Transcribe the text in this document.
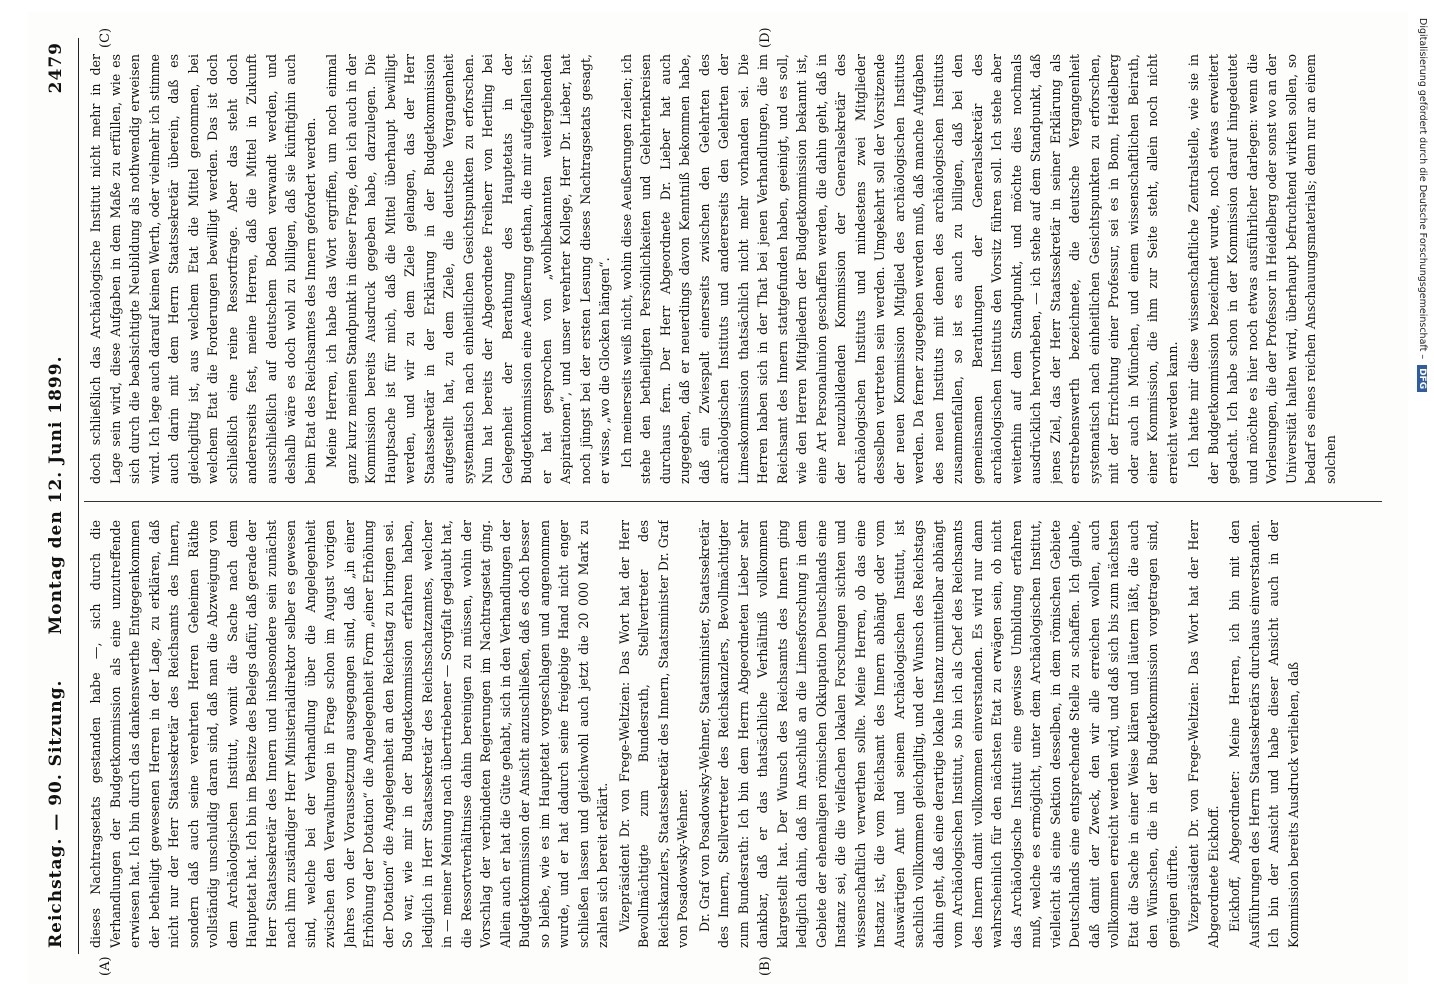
Reichstag. — 90. Sitzung.
Montag den 12. Juni 1899.
2479

dieses Nachtragsetats gestanden habe —, sich durch die Verhandlungen der Budgetkommission als eine unzutreffende erwiesen hat. Ich bin durch das dankenswerthe Entgegenkommen der betheiligt gewesenen Herren in der Lage, zu erklären, daß nicht nur der Herr Staatssekretär des Reichsamts des Innern, sondern daß auch seine verehrten Herren Geheimen Räthe vollständig unschuldig daran sind, daß man die Abzweigung von dem Archäologischen Institut, womit die Sache nach dem Hauptetat hat. Ich bin im Besitze des Belegs dafür, daß gerade der Herr Staatssekretär des Innern und insbesondere sein zunächst nach ihm zuständiger Herr Ministerialdirektor selber es gewesen sind, welche bei der Verhandlung über die Angelegenheit zwischen den Verwaltungen in Frage schon im August vorigen Jahres von der Voraussetzung ausgegangen sind, daß „in einer Erhöhung der Dotation“ die Angelegenheit Form „einer Erhöhung der Dotation“ die Angelegenheit an den Reichstag zu bringen sei. So war, wie mir in der Budgetkommission erfahren haben, lediglich in Herr Staatssekretär des Reichsschatzamtes, welcher in — meiner Meinung nach übertriebener — Sorgfalt geglaubt hat, die Ressortverhältnisse dahin bereinigen zu müssen, wohin der Vorschlag der verbündeten Regierungen im Nachtragsetat ging. Allein auch er hat die Güte gehabt, sich in den Verhandlungen der Budgetkommission der Ansicht anzuschließen, daß es doch besser so bleibe, wie es im Hauptetat vorgeschlagen und angenommen wurde, und er hat dadurch seine freigebige Hand nicht enger schließen lassen und gleichwohl auch jetzt die 20 000 Mark zu zahlen sich bereit erklärt. Vizepräsident Dr. von Frege-Weltzien: Das Wort hat der Herr Bevollmächtigte zum Bundesrath, Stellvertreter des Reichskanzlers, Staatssekretär des Innern, Staatsminister Dr. Graf von Posadowsky-Wehner. Dr. Graf von Posadowsky-Wehner, Staatsminister, Staatssekretär des Innern, Stellvertreter des Reichskanzlers, Bevollmächtigter zum Bundesrath: Ich bin dem Herrn Abgeordneten Lieber sehr dankbar, daß er das thatsächliche Verhältniß vollkommen klargestellt hat. Der Wunsch des Reichsamts des Innern ging lediglich dahin, daß im Anschluß an die Limesforschung in dem Gebiete der ehemaligen römischen Okkupation Deutschlands eine Instanz sei, die die vielfachen lokalen Forschungen sichten und wissenschaftlich verwerthen sollte. Meine Herren, ob das eine Instanz ist, die vom Reichsamt des Innern abhängt oder vom Auswärtigen Amt und seinem Archäologischen Institut, ist sachlich vollkommen gleichgiltig, und der Wunsch des Reichstags dahin geht, daß eine derartige lokale Instanz unmittelbar abhängt vom Archäologischen Institut, so bin ich als Chef des Reichsamts des Innern damit vollkommen einverstanden. Es wird nur dann wahrscheinlich für den nächsten Etat zu erwägen sein, ob nicht das Archäologische Institut eine gewisse Umbildung erfahren muß, welche es ermöglicht, unter dem Archäologischen Institut, vielleicht als eine Sektion desselben, in dem römischen Gebiete Deutschlands eine entsprechende Stelle zu schaffen. Ich glaube, daß damit der Zweck, den wir alle erreichen wollen, auch vollkommen erreicht werden wird, und daß sich bis zum nächsten Etat die Sache in einer Weise klären und läutern läßt, die auch den Wünschen, die in der Budgetkommission vorgetragen sind, genügen dürfte. Vizepräsident Dr. von Frege-Weltzien: Das Wort hat der Herr Abgeordnete Eickhoff. Eickhoff, Abgeordneter: Meine Herren, ich bin mit den Ausführungen des Herrn Staatssekretärs durchaus einverstanden. Ich bin der Ansicht und habe dieser Ansicht auch in der Kommission bereits Ausdruck verliehen, daß

doch schließlich das Archäologische Institut nicht mehr in der Lage sein wird, diese Aufgaben in dem Maße zu erfüllen, wie es sich durch die beabsichtigte Neubildung als nothwendig erweisen wird. Ich lege auch darauf keinen Werth, oder vielmehr ich stimme auch darin mit dem Herrn Staatssekretär überein, daß es gleichgiltig ist, aus welchem Etat die Mittel genommen, bei welchem Etat die Forderungen bewilligt werden. Das ist doch schließlich eine reine Ressortfrage. Aber das steht doch andererseits fest, meine Herren, daß die Mittel in Zukunft ausschließlich auf deutschem Boden verwandt werden, und deshalb wäre es doch wohl zu billigen, daß sie künftighin auch beim Etat des Reichsamtes des Innern gefordert werden. Meine Herren, ich habe das Wort ergriffen, um noch einmal ganz kurz meinen Standpunkt in dieser Frage, den ich auch in der Kommission bereits Ausdruck gegeben habe, darzulegen. Die Hauptsache ist für mich, daß die Mittel überhaupt bewilligt werden, und wir zu dem Ziele gelangen, das der Herr Staatssekretär in der Erklärung in der Budgetkommission aufgestellt hat, zu dem Ziele, die deutsche Vergangenheit systematisch nach einheitlichen Gesichtspunkten zu erforschen. Nun hat bereits der Abgeordnete Freiherr von Hertling bei Gelegenheit der Berathung des Hauptetats in der Budgetkommission eine Aeußerung gethan, die mir aufgefallen ist; er hat gesprochen von „wohlbekannten weitergehenden Aspirationen“, und unser verehrter Kollege, Herr Dr. Lieber, hat noch jüngst bei der ersten Lesung dieses Nachtragsetats gesagt, er wisse, „wo die Glocken hängen“. Ich meinerseits weiß nicht, wohin diese Aeußerungen zielen; ich stehe den betheiligten Persönlichkeiten und Gelehrtenkreisen durchaus fern. Der Herr Abgeordnete Dr. Lieber hat auch zugegeben, daß er neuerdings davon Kenntniß bekommen habe, daß ein Zwiespalt einerseits zwischen den Gelehrten des archäologischen Instituts und andererseits den Gelehrten der Limeskommission thatsächlich nicht mehr vorhanden sei. Die Herren haben sich in der That bei jenen Verhandlungen, die im Reichsamt des Innern stattgefunden haben, geeinigt, und es soll, wie den Herren Mitgliedern der Budgetkommission bekannt ist, eine Art Personalunion geschaffen werden, die dahin geht, daß in der neuzubildenden Kommission der Generalsekretär des archäologischen Instituts und mindestens zwei Mitglieder desselben vertreten sein werden. Umgekehrt soll der Vorsitzende der neuen Kommission Mitglied des archäologischen Instituts werden. Da ferner zugegeben werden muß, daß manche Aufgaben des neuen Instituts mit denen des archäologischen Instituts zusammenfallen, so ist es auch zu billigen, daß bei den gemeinsamen Berathungen der Generalsekretär des archäologischen Instituts den Vorsitz führen soll. Ich stehe aber weiterhin auf dem Standpunkt, und möchte dies nochmals ausdrücklich hervorheben, — ich stehe auf dem Standpunkt, daß jenes Ziel, das der Herr Staatssekretär in seiner Erklärung als erstrebenswerth bezeichnete, die deutsche Vergangenheit systematisch nach einheitlichen Gesichtspunkten zu erforschen, mit der Errichtung einer Professur, sei es in Bonn, Heidelberg oder auch in München, und einem wissenschaftlichen Beirath, einer Kommission, die ihm zur Seite steht, allein noch nicht erreicht werden kann. Ich hatte mir diese wissenschaftliche Zentralstelle, wie sie in der Budgetkommission bezeichnet wurde, noch etwas erweitert gedacht. Ich habe schon in der Kommission darauf hingedeutet und möchte es hier noch etwas ausführlicher darlegen: wenn die Vorlesungen, die der Professor in Heidelberg oder sonst wo an der Universität halten wird, überhaupt befruchtend wirken sollen, so bedarf es eines reichen Anschauungsmaterials; denn nur an einem solchen

(A)	(B)
(C)	(D)	Digitalisierung gefördert durch die Deutsche Forschungsgemeinschaft –DFG
